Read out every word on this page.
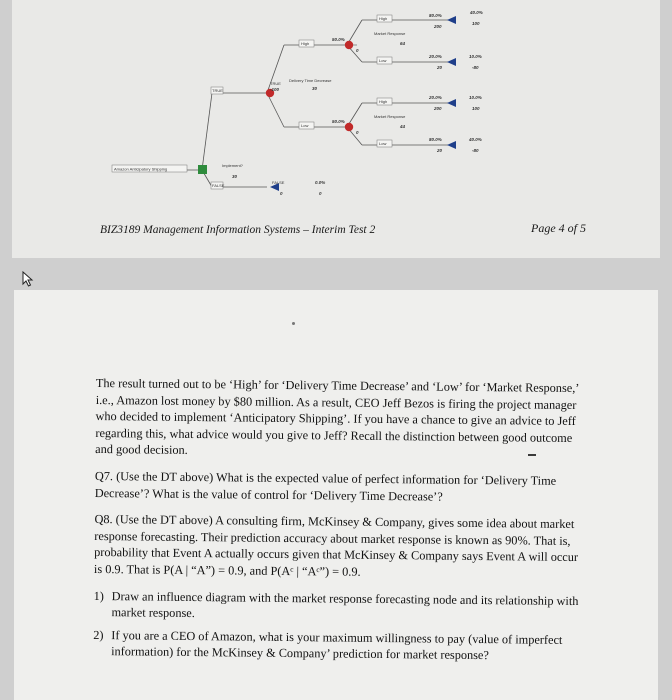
Amazon Anticipatory Shipping
Implement?
30
TRUE
TRUE
-100
Delivery Time Decrease
30
FALSE
FALSE	0.0%
0	0
High
50.0%
0
Low
50.0%
0
Market Response
64
Market Response
44
High
Low
High
Low
80.0%
200
40.0%
100
20.0%
20
10.0%
-80
20.0%
200
10.0%
100
80.0%
20
40.0%
-80
BIZ3189 Management Information Systems – Interim Test 2	Page 4 of 5

The result turned out to be ‘High’ for ‘Delivery Time Decrease’ and ‘Low’ for ‘Market Response,’ i.e., Amazon lost money by $80 million. As a result, CEO Jeff Bezos is firing the project manager who decided to implement ‘Anticipatory Shipping’. If you have a chance to give an advice to Jeff regarding this, what advice would you give to Jeff? Recall the distinction between good outcome and good decision.

Q7. (Use the DT above) What is the expected value of perfect information for ‘Delivery Time Decrease’? What is the value of control for ‘Delivery Time Decrease’?

Q8. (Use the DT above) A consulting firm, McKinsey & Company, gives some idea about market response forecasting. Their prediction accuracy about market response is known as 90%. That is, probability that Event A actually occurs given that McKinsey & Company says Event A will occur is 0.9. That is P(A | “A”) = 0.9, and P(Aᶜ | “Aᶜ”) = 0.9.

1) Draw an influence diagram with the market response forecasting node and its relationship with market response.
2) If you are a CEO of Amazon, what is your maximum willingness to pay (value of imperfect information) for the McKinsey & Company’ prediction for market response?
